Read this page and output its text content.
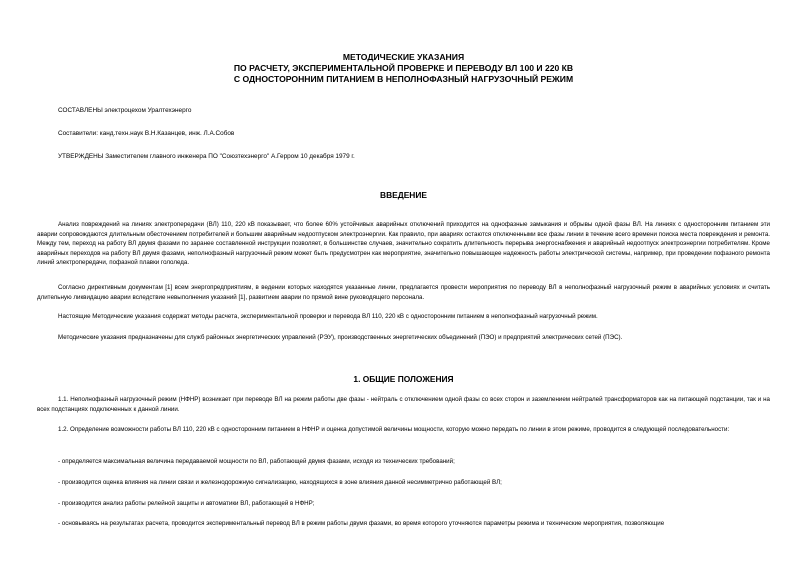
МЕТОДИЧЕСКИЕ УКАЗАНИЯ
ПО РАСЧЕТУ, ЭКСПЕРИМЕНТАЛЬНОЙ ПРОВЕРКЕ И ПЕРЕВОДУ ВЛ 100 И 220 КВ
С ОДНОСТОРОННИМ ПИТАНИЕМ В НЕПОЛНОФАЗНЫЙ НАГРУЗОЧНЫЙ РЕЖИМ
СОСТАВЛЕНЫ электроцехом Уралтехэнерго
Составители: канд.техн.наук В.Н.Казанцев, инж. Л.А.Собов
УТВЕРЖДЕНЫ Заместителем главного инженера ПО "Союзтехэнерго" А.Герром 10 декабря 1979 г.
ВВЕДЕНИЕ
Анализ повреждений на линиях электропередачи (ВЛ) 110, 220 кВ показывает, что более 60% устойчивых аварийных отключений приходится на однофазные замыкания и обрывы одной фазы ВЛ. На линиях с односторонним питанием эти аварии сопровождаются длительным обесточением потребителей и большим аварийным недоотпуском электроэнергии. Как правило, при авариях остаются отключенными все фазы линии в течение всего времени поиска места повреждения и ремонта. Между тем, переход на работу ВЛ двумя фазами по заранее составленной инструкции позволяет, в большинстве случаев, значительно сократить длительность перерыва энергоснабжения и аварийный недоотпуск электроэнергии потребителям. Кроме аварийных переходов на работу ВЛ двумя фазами, неполнофазный нагрузочный режим может быть предусмотрен как мероприятие, значительно повышающее надежность работы электрической системы, например, при проведении пофазного ремонта линий электропередачи, пофазной плавки гололеда.
Согласно директивным документам [1] всем энергопредприятиям, в ведении которых находятся указанные линии, предлагается провести мероприятия по переводу ВЛ в неполнофазный нагрузочный режим в аварийных условиях и считать длительную ликвидацию аварии вследствие невыполнения указаний [1], развитием аварии по прямой вине руководящего персонала.
Настоящие Методические указания содержат методы расчета, экспериментальной проверки и перевода ВЛ 110, 220 кВ с односторонним питанием в неполнофазный нагрузочный режим.
Методические указания предназначены для служб районных энергетических управлений (РЭУ), производственных энергетических объединений (ПЭО) и предприятий электрических сетей (ПЭС).
1. ОБЩИЕ ПОЛОЖЕНИЯ
1.1. Неполнофазный нагрузочный режим (НФНР) возникает при переводе ВЛ на режим работы две фазы - нейтраль с отключением одной фазы со всех сторон и заземлением нейтралей трансформаторов как на питающей подстанции, так и на всех подстанциях подключенных к данной линии.
1.2. Определение возможности работы ВЛ 110, 220 кВ с односторонним питанием в НФНР и оценка допустимой величины мощности, которую можно передать по линии в этом режиме, проводится в следующей последовательности:
- определяется максимальная величина передаваемой мощности по ВЛ, работающей двумя фазами, исходя из технических требований;
- производится оценка влияния на линии связи и железнодорожную сигнализацию, находящихся в зоне влияния данной несимметрично работающей ВЛ;
- производится анализ работы релейной защиты и автоматики ВЛ, работающей в НФНР;
- основываясь на результатах расчета, проводится экспериментальный перевод ВЛ в режим работы двумя фазами, во время которого уточняются параметры режима и технические мероприятия, позволяющие
